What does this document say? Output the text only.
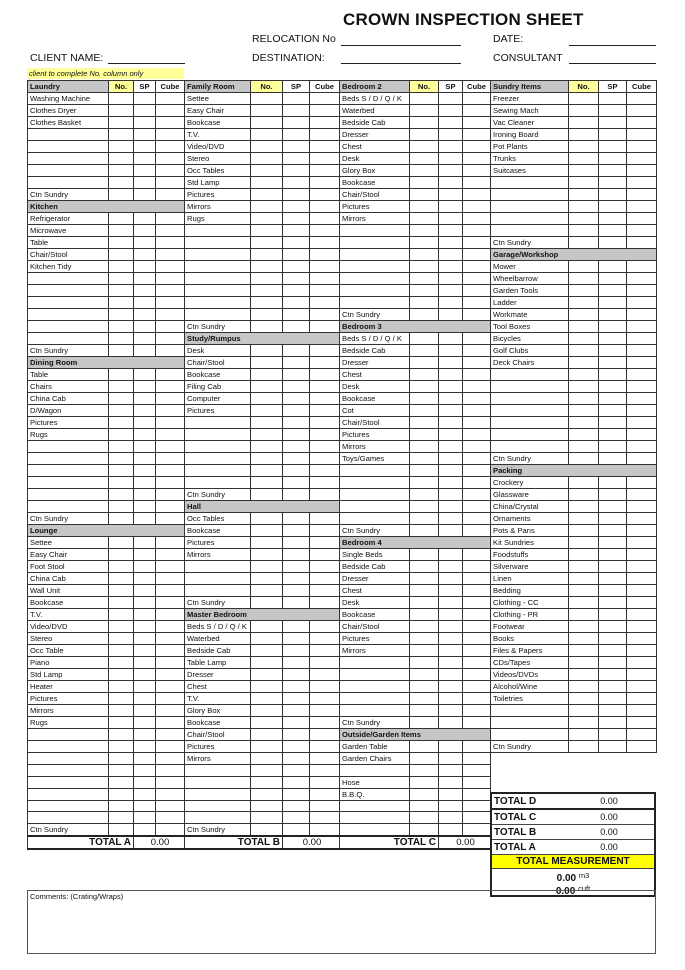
CROWN INSPECTION SHEET
RELOCATION No	DATE:
CLIENT NAME:	DESTINATION:	CONSULTANT
client to complete No. column only
Laundry	No.	SP	Cube	Family Room	No.	SP	Cube	Bedroom 2	No.	SP	Cube	Sundry Items	No.	SP	Cube
Washing Machine				Settee				Beds S / D / Q / K				Freezer			
Clothes Dryer				Easy Chair				Waterbed				Sewing Mach			
Clothes Basket				Bookcase				Bedside Cab				Vac Cleaner			
				T.V.				Dresser				Ironing Board			
				Video/DVD				Chest				Pot Plants			
				Stereo				Desk				Trunks			
				Occ Tables				Glory Box				Suitcases			
				Std Lamp				Bookcase							
Ctn Sundry				Pictures				Chair/Stool							
Kitchen				Mirrors				Pictures							
Refrigerator				Rugs				Mirrors							
Microwave															
Table												Ctn Sundry			
Chair/Stool												Garage/Workshop			
Kitchen Tidy												Mower			
												Wheelbarrow			
												Garden Tools			
												Ladder			
								Ctn Sundry				Workmate			
				Ctn Sundry				Bedroom 3				Tool Boxes			
				Study/Rumpus				Beds S / D / Q / K				Bicycles			
Ctn Sundry				Desk				Bedside Cab				Golf Clubs			
Dining Room				Chair/Stool				Dresser				Deck Chairs			
Table				Bookcase				Chest							
Chairs				Filing Cab				Desk							
China Cab				Computer				Bookcase							
D/Wagon				Pictures				Cot							
Pictures								Chair/Stool							
Rugs								Pictures							
								Mirrors							
								Toys/Games				Ctn Sundry			
												Packing			
												Crockery			
				Ctn Sundry								Glassware			
				Hall								China/Crystal			
Ctn Sundry				Occ Tables								Ornaments			
Lounge				Bookcase				Ctn Sundry				Pots & Pans			
Settee				Pictures				Bedroom 4				Kit Sundries			
Easy Chair				Mirrors				Single Beds				Foodstuffs			
Foot Stool								Bedside Cab				Silverware			
China Cab								Dresser				Linen			
Wall Unit								Chest				Bedding			
Bookcase				Ctn Sundry				Desk				Clothing - CC			
T.V.				Master Bedroom				Bookcase				Clothing - PR			
Video/DVD				Beds S / D / Q / K				Chair/Stool				Footwear			
Stereo				Waterbed				Pictures				Books			
Occ Table				Bedside Cab				Mirrors				Files & Papers			
Piano				Table Lamp								CDs/Tapes			
Std Lamp				Dresser								Videos/DVDs			
Heater				Chest								Alcohol/Wine			
Pictures				T.V.								Toiletries			
Mirrors				Glory Box											
Rugs				Bookcase				Ctn Sundry							
				Chair/Stool				Outside/Garden Items							
				Pictures				Garden Table				Ctn Sundry			
				Mirrors				Garden Chairs							

								Hose							
								B.B.Q.							

Ctn Sundry				Ctn Sundry											
TOTAL A		0.00		TOTAL B		0.00		TOTAL C		0.00					
TOTAL D	0.00
TOTAL C	0.00
TOTAL B	0.00
TOTAL A	0.00
TOTAL MEASUREMENT
0.00 $^{m3}$
0.00 $^{cuft}$
Comments: (Crating/Wraps)
